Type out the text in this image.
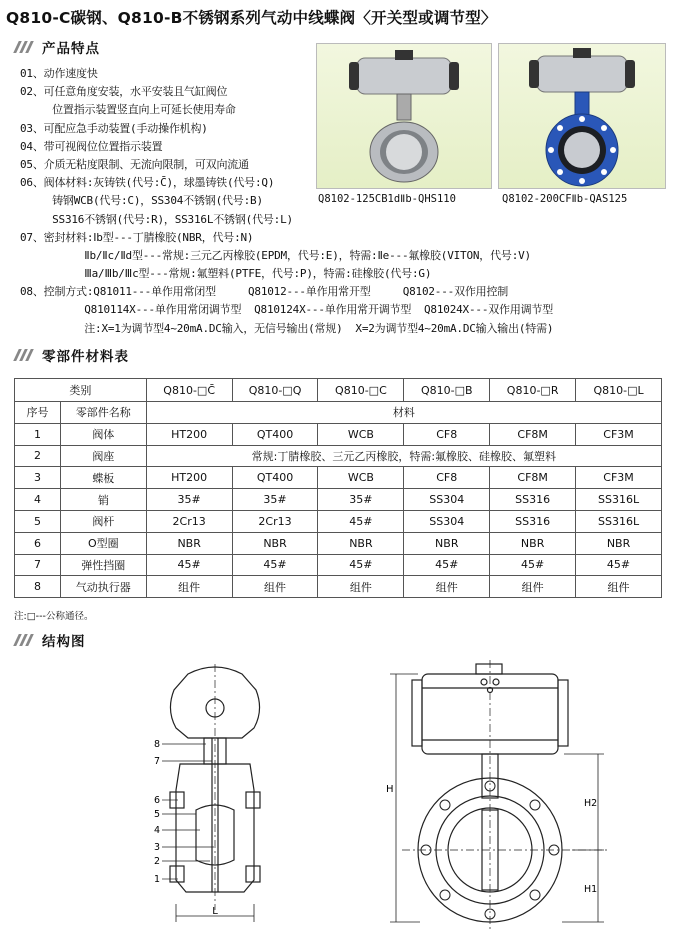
Q810-C碳钢、Q810-B不锈钢系列气动中线蝶阀〈开关型或调节型〉
产品特点
01、动作速度快
02、可任意角度安装，水平安装且气缸阀位
位置指示装置竖直向上可延长使用寿命
03、可配应急手动装置(手动操作机构)
04、带可视阀位位置指示装置
05、介质无粘度限制、无流向限制，可双向流通
06、阀体材料:灰铸铁(代号:C̄)，球墨铸铁(代号:Q)
铸钢WCB(代号:C)，SS304不锈钢(代号:B)
SS316不锈钢(代号:R)，SS316L不锈钢(代号:L)
07、密封材料:Ⅰb型---丁腈橡胶(NBR，代号:N)
Ⅱb/Ⅱc/Ⅱd型---常规:三元乙丙橡胶(EPDM，代号:E)，特需:Ⅱe---氟橡胶(VITON，代号:V)
Ⅲa/Ⅲb/Ⅲc型---常规:氟塑料(PTFE，代号:P)，特需:硅橡胶(代号:G)
08、控制方式:Q81011---单作用常闭型     Q81012---单作用常开型     Q8102---双作用控制
Q810114X---单作用常闭调节型  Q810124X---单作用常开调节型  Q81024X---双作用调节型
注:X=1为调节型4~20mA.DC输入，无信号输出(常规)  X=2为调节型4~20mA.DC输入输出(特需)
Q8102-125CB1dⅡb-QHS110	Q8102-200CFⅡb-QAS125
零部件材料表
类别		Q810-□C̄	Q810-□Q	Q810-□C	Q810-□B	Q810-□R	Q810-□L
序号	零部件名称	材料					
1	阀体	HT200	QT400	WCB	CF8	CF8M	CF3M
2	阀座	常规:丁腈橡胶、三元乙丙橡胶，特需:氟橡胶、硅橡胶、氟塑料					
3	蝶板	HT200	QT400	WCB	CF8	CF8M	CF3M
4	销	35#	35#	35#	SS304	SS316	SS316L
5	阀杆	2Cr13	2Cr13	45#	SS304	SS316	SS316L
6	O型圈	NBR	NBR	NBR	NBR	NBR	NBR
7	弹性挡圈	45#	45#	45#	45#	45#	45#
8	气动执行器	组件	组件	组件	组件	组件	组件
注:□---公称通径。
结构图
L
8
7
6
5
4
3
2
1
H
H2
H1
